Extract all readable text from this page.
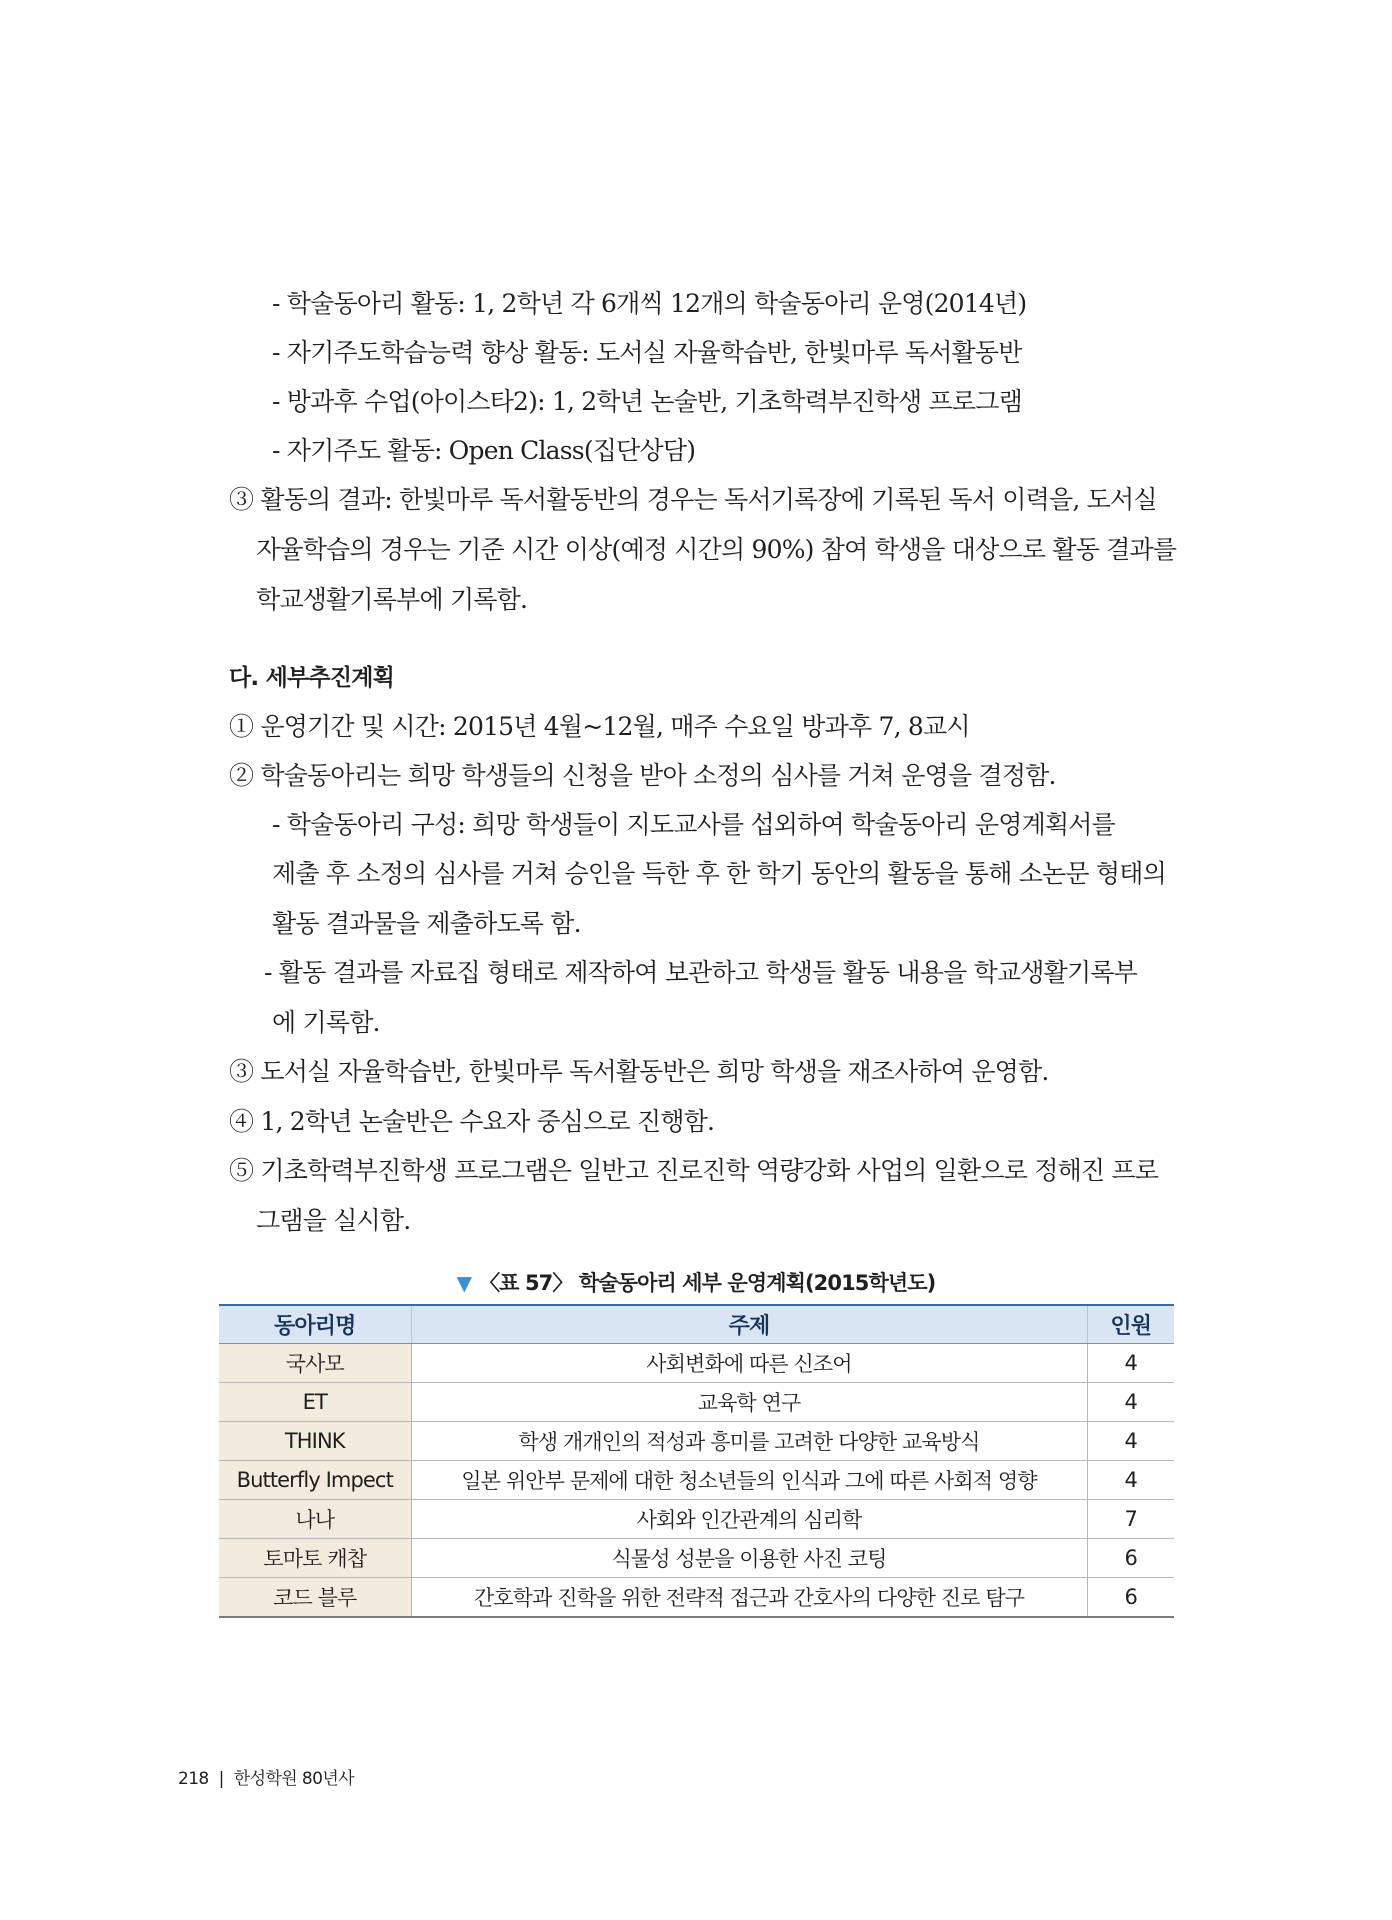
- 학술동아리 활동: 1, 2학년 각 6개씩 12개의 학술동아리 운영(2014년)
- 자기주도학습능력 향상 활동: 도서실 자율학습반, 한빛마루 독서활동반
- 방과후 수업(아이스타2): 1, 2학년 논술반, 기초학력부진학생 프로그램
- 자기주도 활동: Open Class(집단상담)
③ 활동의 결과: 한빛마루 독서활동반의 경우는 독서기록장에 기록된 독서 이력을, 도서실
자율학습의 경우는 기준 시간 이상(예정 시간의 90%) 참여 학생을 대상으로 활동 결과를
학교생활기록부에 기록함.
다. 세부추진계획
① 운영기간 및 시간: 2015년 4월~12월, 매주 수요일 방과후 7, 8교시
② 학술동아리는 희망 학생들의 신청을 받아 소정의 심사를 거쳐 운영을 결정함.
- 학술동아리 구성: 희망 학생들이 지도교사를 섭외하여 학술동아리 운영계획서를
제출 후 소정의 심사를 거쳐 승인을 득한 후 한 학기 동안의 활동을 통해 소논문 형태의
활동 결과물을 제출하도록 함.
- 활동 결과를 자료집 형태로 제작하여 보관하고 학생들 활동 내용을 학교생활기록부
에 기록함.
③ 도서실 자율학습반, 한빛마루 독서활동반은 희망 학생을 재조사하여 운영함.
④ 1, 2학년 논술반은 수요자 중심으로 진행함.
⑤ 기초학력부진학생 프로그램은 일반고 진로진학 역량강화 사업의 일환으로 정해진 프로
그램을 실시함.
▼ 〈표 57〉 학술동아리 세부 운영계획(2015학년도)
동아리명	주제	인원
국사모	사회변화에 따른 신조어	4
ET	교육학 연구	4
THINK	학생 개개인의 적성과 흥미를 고려한 다양한 교육방식	4
Butterfly Impect	일본 위안부 문제에 대한 청소년들의 인식과 그에 따른 사회적 영향	4
나나	사회와 인간관계의 심리학	7
토마토 캐찹	식물성 성분을 이용한 사진 코팅	6
코드 블루	간호학과 진학을 위한 전략적 접근과 간호사의 다양한 진로 탐구	6
218 | 한성학원 80년사
